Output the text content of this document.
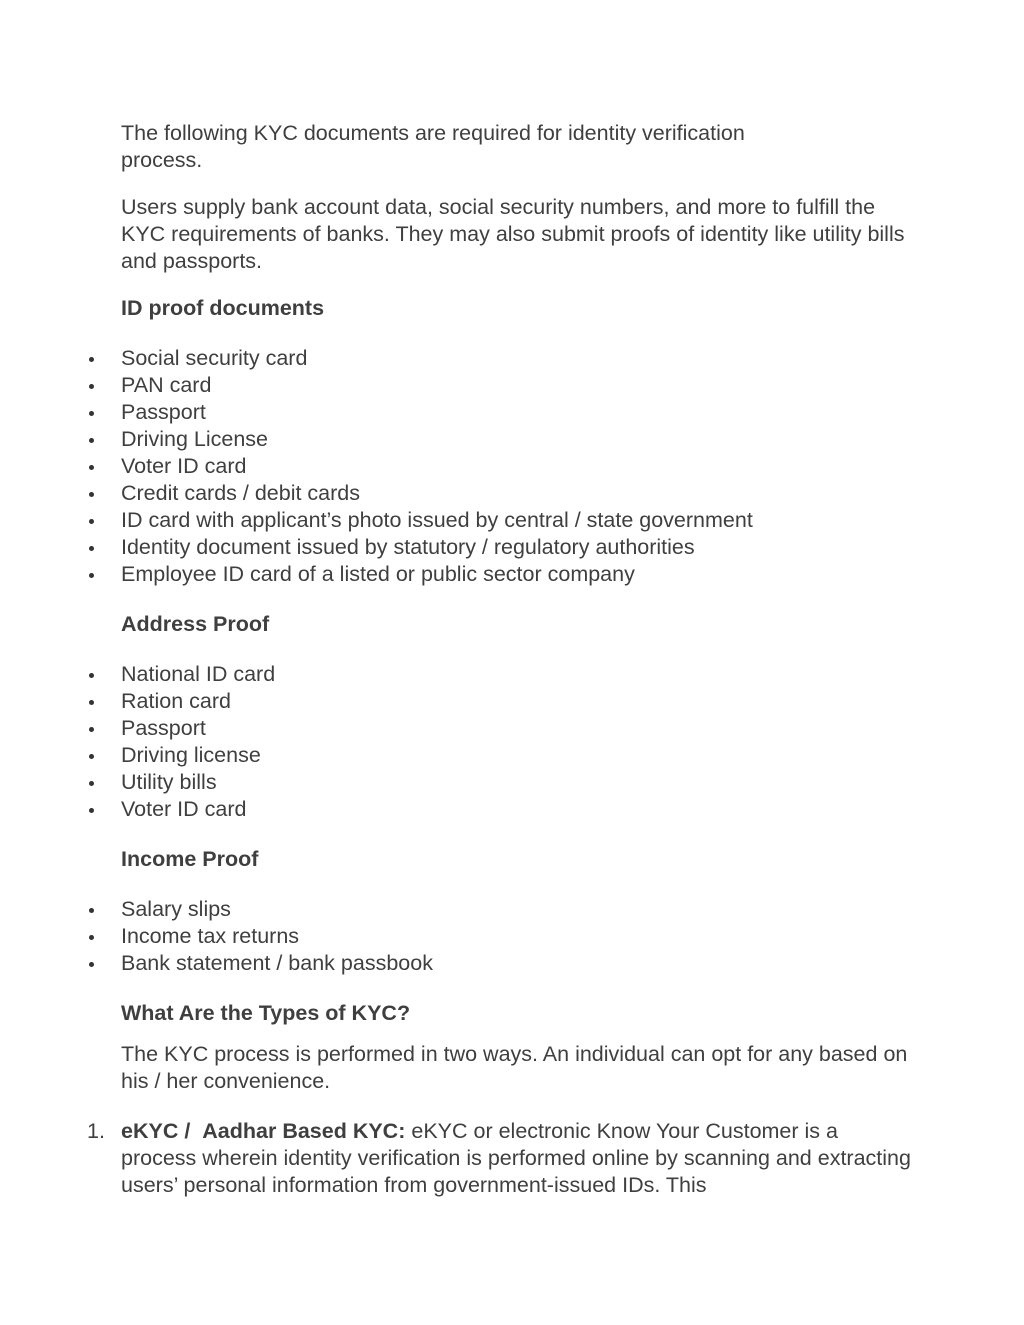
The following KYC documents are required for identity verification process.

Users supply bank account data, social security numbers, and more to fulfill the KYC requirements of banks. They may also submit proofs of identity like utility bills and passports.

ID proof documents
Social security card
PAN card
Passport
Driving License
Voter ID card
Credit cards / debit cards
ID card with applicant’s photo issued by central / state government
Identity document issued by statutory / regulatory authorities
Employee ID card of a listed or public sector company
Address Proof
National ID card
Ration card
Passport
Driving license
Utility bills
Voter ID card
Income Proof
Salary slips
Income tax returns
Bank statement / bank passbook
What Are the Types of KYC?

The KYC process is performed in two ways. An individual can opt for any based on his / her convenience.

1. eKYC / Aadhar Based KYC: eKYC or electronic Know Your Customer is a process wherein identity verification is performed online by scanning and extracting users’ personal information from government-issued IDs. This
